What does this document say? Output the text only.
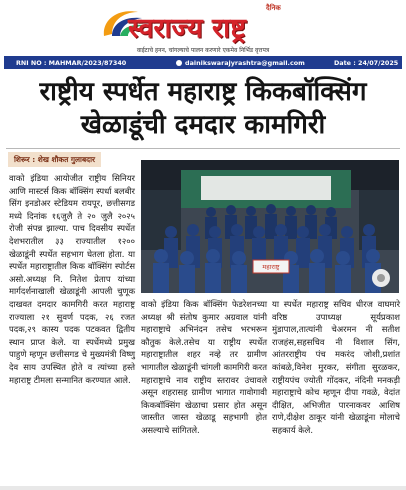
स्वराज्य राष्ट्र
दैनिक
वाईटाचे हनन, चांगल्याचे पालन करणारे एकमेव निर्भिड वृत्तपत्र
RNI NO : MAHMAR/2023/87340	dainikswarajyrashtra@gmail.com	Date : 24/07/2025
राष्ट्रीय स्पर्धेत महाराष्ट्र किकबॉक्सिंग
खेळाडूंची दमदार कामगिरी
शिरूर : शेख शौकत गुलाबदार

वाको इंडिया आयोजीत राष्ट्रीय सिनियर आणि मास्टर्स किक बॉक्सिंग स्पर्धा बलबीर सिंग इनडोअर स्टेडियम रायपूर, छत्तीसगड मध्ये दिनांक १६जुलै ते २० जुलै २०२५ रोजी संपन्न झाल्या. पाच दिवसीय स्पर्धेत देशभरातील ३३ राज्यातील १२०० खेळाडूंनी स्पर्धेत सहभाग घेतला होता. या स्पर्धेत महाराष्ट्रातील किक बॉक्सिंग स्पोर्टस असो.अध्यक्ष नि. नितेश प्रेताप यांच्या मार्गदर्शनाखाली खेळाडूंनी आपली चुणूक दाखवत दमदार कामगिरी करत महाराष्ट्र राज्याला २१ सुवर्ण पदक, २६ रजत पदक,२९ कास्य पदक पटकवत द्वितीय स्थान प्राप्त केले. या स्पर्धेमध्ये प्रमुख पाहुणे म्हणून छत्तीसगड चे मुख्यमंत्री विष्णु देव साय उपस्थित होते व त्यांच्या हस्ते महाराष्ट्र टीमला सन्मानित करण्यात आले.

महाराष्ट्र

वाको इंडिया किक बॉक्सिंग फेडरेशनच्या अध्यक्ष श्री संतोष कुमार अग्रवाल यांनी महाराष्ट्राचे अभिनंदन तसेच भरभरून कौतुक केले.तसेच या राष्ट्रीय स्पर्धेत महाराष्ट्रातील शहर नव्हे तर ग्रामीण भागातील खेळाडूंनी चांगली कामगिरी करत महाराष्ट्राचे नाव राष्ट्रीय स्तरावर उंचावले असून शहरासह ग्रामीण भागात गावोगावी किकबॉक्सिंग खेळाचा प्रसार होत असून जास्तीत जास्त खेळाडू सहभागी होत असल्याचे सांगितले.

या स्पर्धेत महाराष्ट्र सचिव धीरज वाघमारे वरिष्ठ उपाध्यक्ष सूर्यप्रकाश मुंडापाल,तात्यांनी चेअरमन नी सतीश राजहंस,सहसचिव नी विशाल सिंग, आंतरराष्ट्रीय पंच मकरंद जोशी,प्रशांत कांबळे,विनेश मुरकर, संगीता सुरळकर, राष्ट्रीयपंच ज्योती गोंदकर, नंदिनी मनकड़ी महाराष्ट्राचे कोच म्हणून दीपा गवळे, वेदांत दीक्षित, अभिजीत पारनाकवर आशिष राणे,दीक्षेश ठाकूर यांनी खेळाडूंना मोलाचे सहकार्य केले.
